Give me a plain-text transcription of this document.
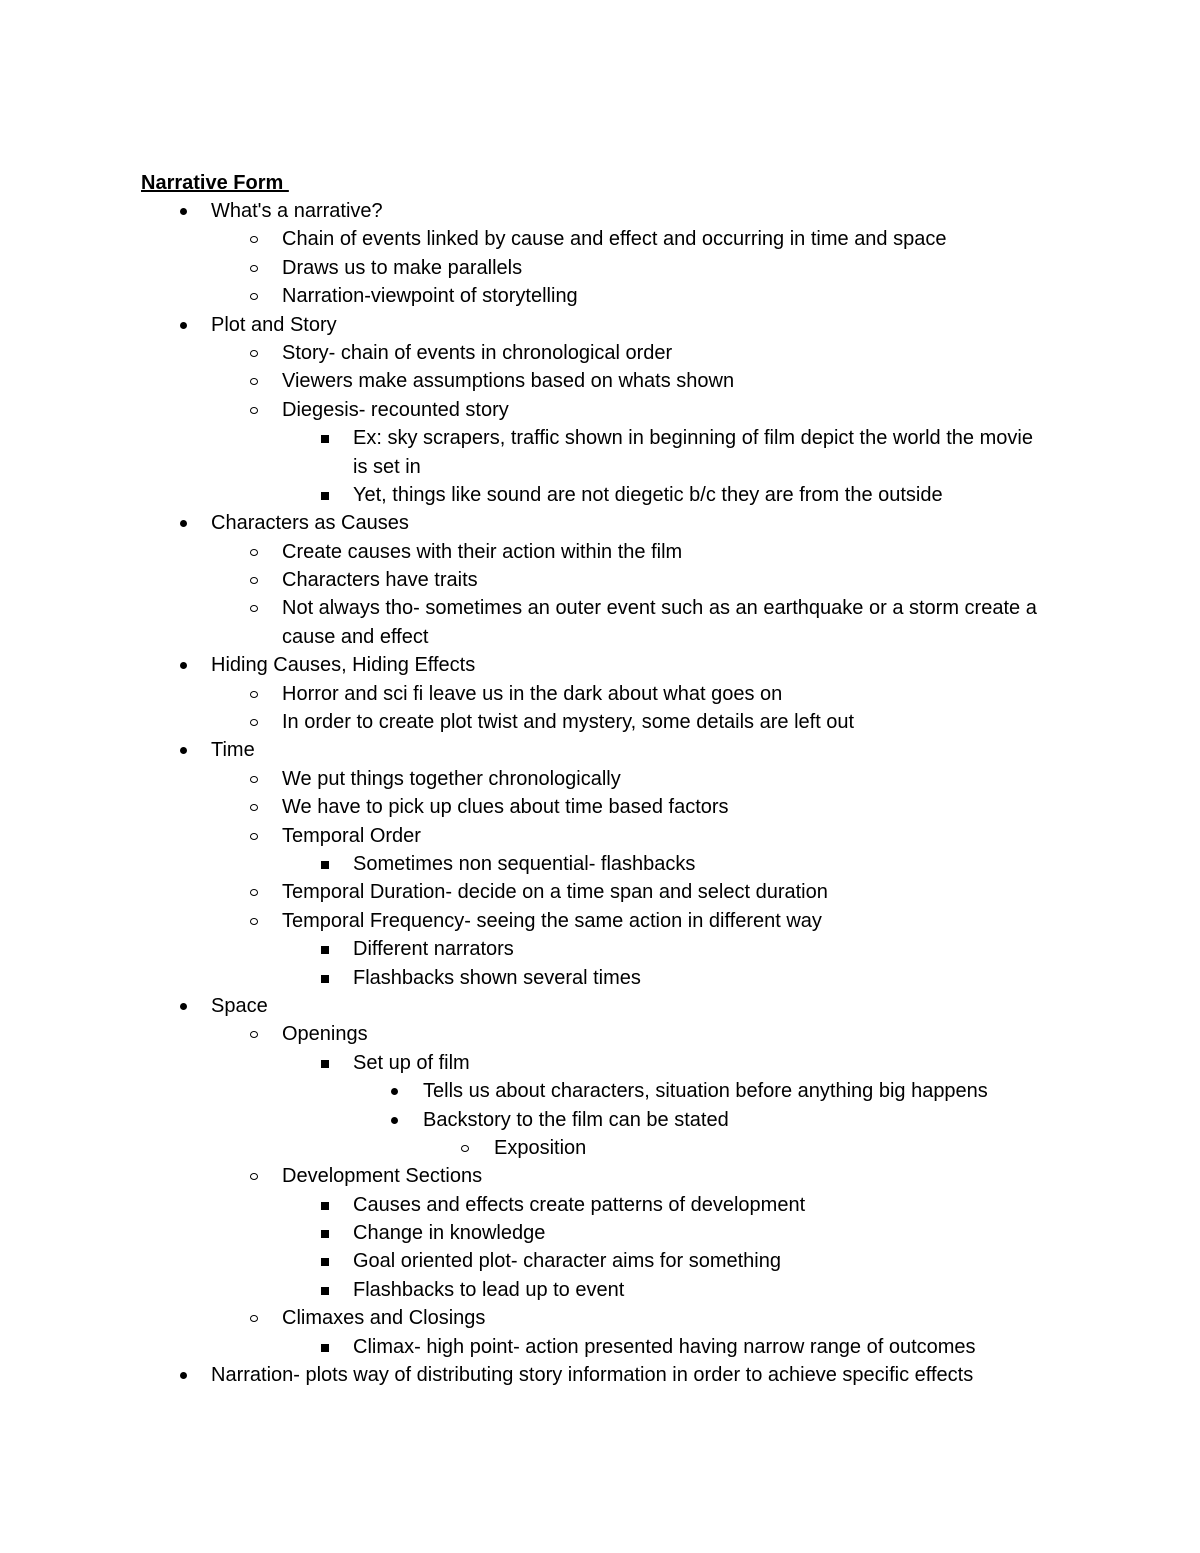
Narrative Form
What's a narrative?
Chain of events linked by cause and effect and occurring in time and space
Draws us to make parallels
Narration-viewpoint of storytelling
Plot and Story
Story- chain of events in chronological order
Viewers make assumptions based on whats shown
Diegesis- recounted story
Ex: sky scrapers, traffic shown in beginning of film depict the world the movie is set in
Yet, things like sound are not diegetic b/c they are from the outside
Characters as Causes
Create causes with their action within the film
Characters have traits
Not always tho- sometimes an outer event such as an earthquake or a storm create a cause and effect
Hiding Causes, Hiding Effects
Horror and sci fi leave us in the dark about what goes on
In order to create plot twist and mystery, some details are left out
Time
We put things together chronologically
We have to pick up clues about time based factors
Temporal Order
Sometimes non sequential- flashbacks
Temporal Duration- decide on a time span and select duration
Temporal Frequency- seeing the same action in different way
Different narrators
Flashbacks shown several times
Space
Openings
Set up of film
Tells us about characters, situation before anything big happens
Backstory to the film can be stated
Exposition
Development Sections
Causes and effects create patterns of development
Change in knowledge
Goal oriented plot- character aims for something
Flashbacks to lead up to event
Climaxes and Closings
Climax- high point- action presented having narrow range of outcomes
Narration- plots way of distributing story information in order to achieve specific effects
